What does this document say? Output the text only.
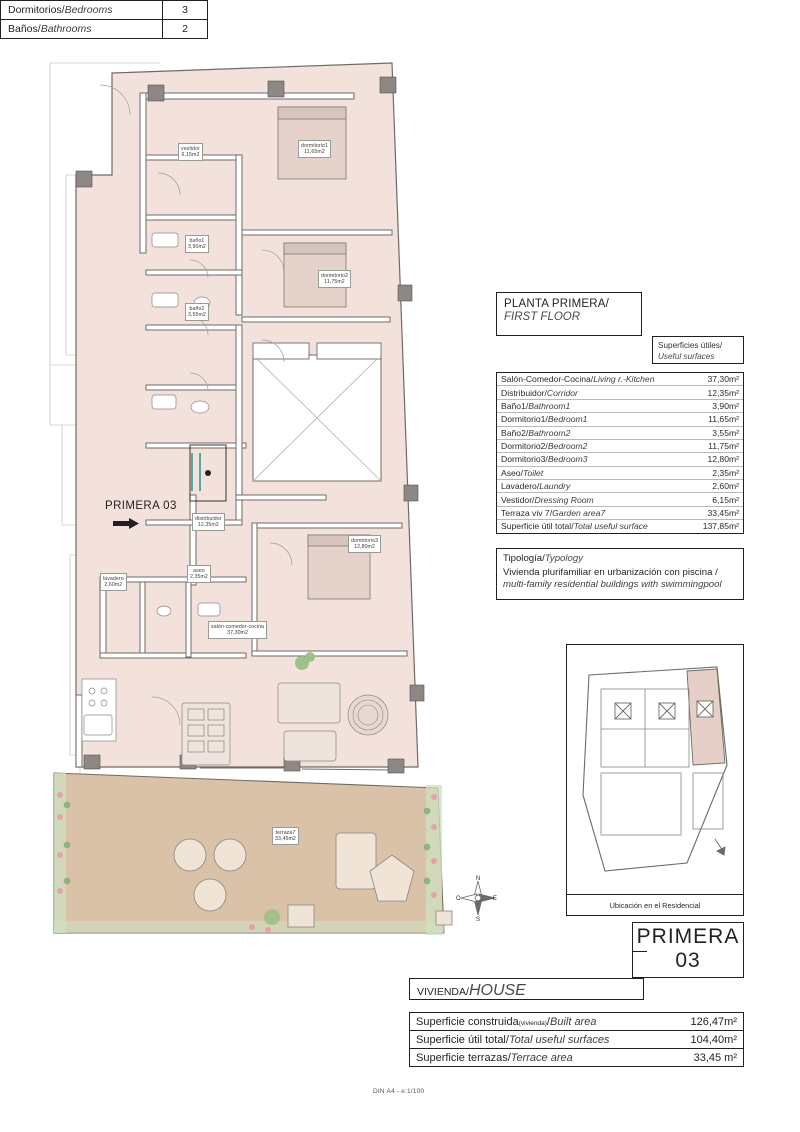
vestidor
6,15m2
dormitorio1
11,65m2
baño1
3,90m2
dormitorio2
11,75m2
baño2
3,55m2
distribuidor
12,35m2
dormitorio3
12,80m2
aseo
2,35m2
lavadero
2,60m2
salón-comedor-cocina
37,30m2
terraza7
33,45m2
PRIMERA 03
PLANTA PRIMERA/
FIRST FLOOR
Superficies útiles/
Useful surfaces
Salón-Comedor-Cocina/Living r.-Kitchen	37,30m²
Distribuidor/Corridor	12,35m²
Baño1/Bathroom1	3,90m²
Dormitorio1/Bedroom1	11,65m²
Baño2/Bathroom2	3,55m²
Dormitorio2/Bedroom2	11,75m²
Dormitorio3/Bedroom3	12,80m²
Aseo/Toilet	2,35m²
Lavadero/Laundry	2,60m²
Vestidor/Dressing Room	6,15m²
Terraza viv 7/Garden area7	33,45m²
Superficie útil total/Total useful surface	137,85m²
Tipología/Typology
Vivienda plurifamiliar en urbanización con piscina / multi-family residential buildings with swimmingpool
Ubicación en el Residencial
PRIMERA
03
VIVIENDA/HOUSE
Superficie construida(vivienda)/Built area	126,47m²
Superficie útil total/Total useful surfaces	104,40m²
Superficie terrazas/Terrace area	33,45 m²
Dormitorios/Bedrooms	3
Baños/Bathrooms	2
N
S
O	E
DIN A4 - e:1/100
